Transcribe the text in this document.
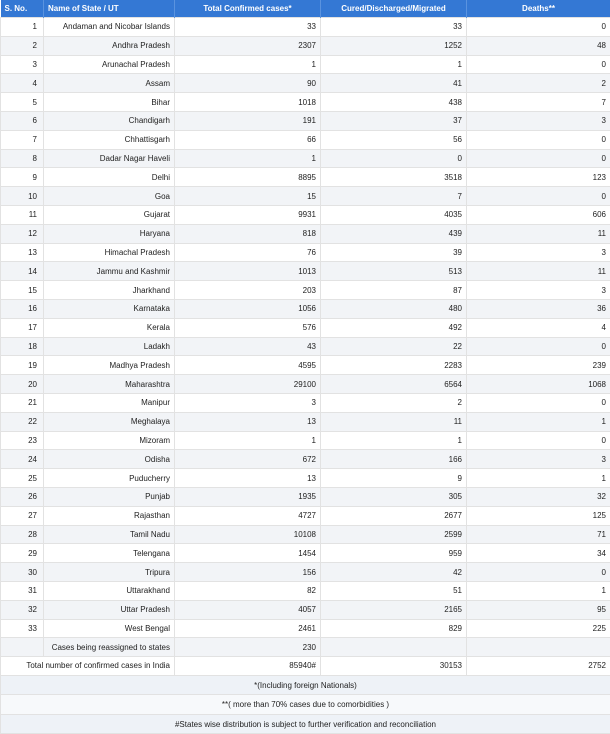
S. No.	Name of State / UT	Total Confirmed cases*	Cured/Discharged/Migrated	Deaths**
1	Andaman and Nicobar Islands	33	33	0
2	Andhra Pradesh	2307	1252	48
3	Arunachal Pradesh	1	1	0
4	Assam	90	41	2
5	Bihar	1018	438	7
6	Chandigarh	191	37	3
7	Chhattisgarh	66	56	0
8	Dadar Nagar Haveli	1	0	0
9	Delhi	8895	3518	123
10	Goa	15	7	0
11	Gujarat	9931	4035	606
12	Haryana	818	439	11
13	Himachal Pradesh	76	39	3
14	Jammu and Kashmir	1013	513	11
15	Jharkhand	203	87	3
16	Karnataka	1056	480	36
17	Kerala	576	492	4
18	Ladakh	43	22	0
19	Madhya Pradesh	4595	2283	239
20	Maharashtra	29100	6564	1068
21	Manipur	3	2	0
22	Meghalaya	13	11	1
23	Mizoram	1	1	0
24	Odisha	672	166	3
25	Puducherry	13	9	1
26	Punjab	1935	305	32
27	Rajasthan	4727	2677	125
28	Tamil Nadu	10108	2599	71
29	Telengana	1454	959	34
30	Tripura	156	42	0
31	Uttarakhand	82	51	1
32	Uttar Pradesh	4057	2165	95
33	West Bengal	2461	829	225
	Cases being reassigned to states	230		
Total number of confirmed cases in India		85940#	30153	2752
*(Including foreign Nationals)				
**( more than 70% cases due to comorbidities )				
#States wise distribution is subject to further verification and reconciliation				
